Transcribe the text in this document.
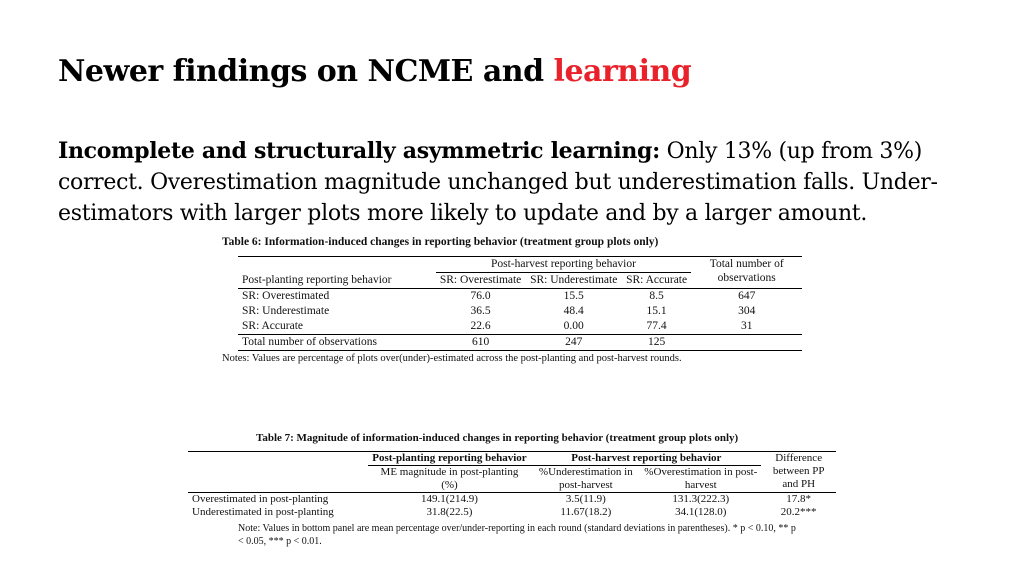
Newer findings on NCME and learning
Incomplete and structurally asymmetric learning: Only 13% (up from 3%) correct. Overestimation magnitude unchanged but underestimation falls. Under-estimators with larger plots more likely to update and by a larger amount.
Table 6: Information-induced changes in reporting behavior (treatment group plots only)
	Post-harvest reporting behavior			Total number of observations
Post-planting reporting behavior	SR: Overestimate	SR: Underestimate	SR: Accurate	
SR: Overestimated	76.0	15.5	8.5	647
SR: Underestimate	36.5	48.4	15.1	304
SR: Accurate	22.6	0.00	77.4	31
Total number of observations	610	247	125	
Notes: Values are percentage of plots over(under)-estimated across the post-planting and post-harvest rounds.
Table 7: Magnitude of information-induced changes in reporting behavior (treatment group plots only)
	Post-planting reporting behavior	Post-harvest reporting behavior		Difference between PP and PH
	ME magnitude in post-planting (%)	%Underestimation in post-harvest	%Overestimation in post-harvest	
Overestimated in post-planting	149.1(214.9)	3.5(11.9)	131.3(222.3)	17.8*
Underestimated in post-planting	31.8(22.5)	11.67(18.2)	34.1(128.0)	20.2***
Note: Values in bottom panel are mean percentage over/under-reporting in each round (standard deviations in parentheses). * p < 0.10, ** p < 0.05, *** p < 0.01.
